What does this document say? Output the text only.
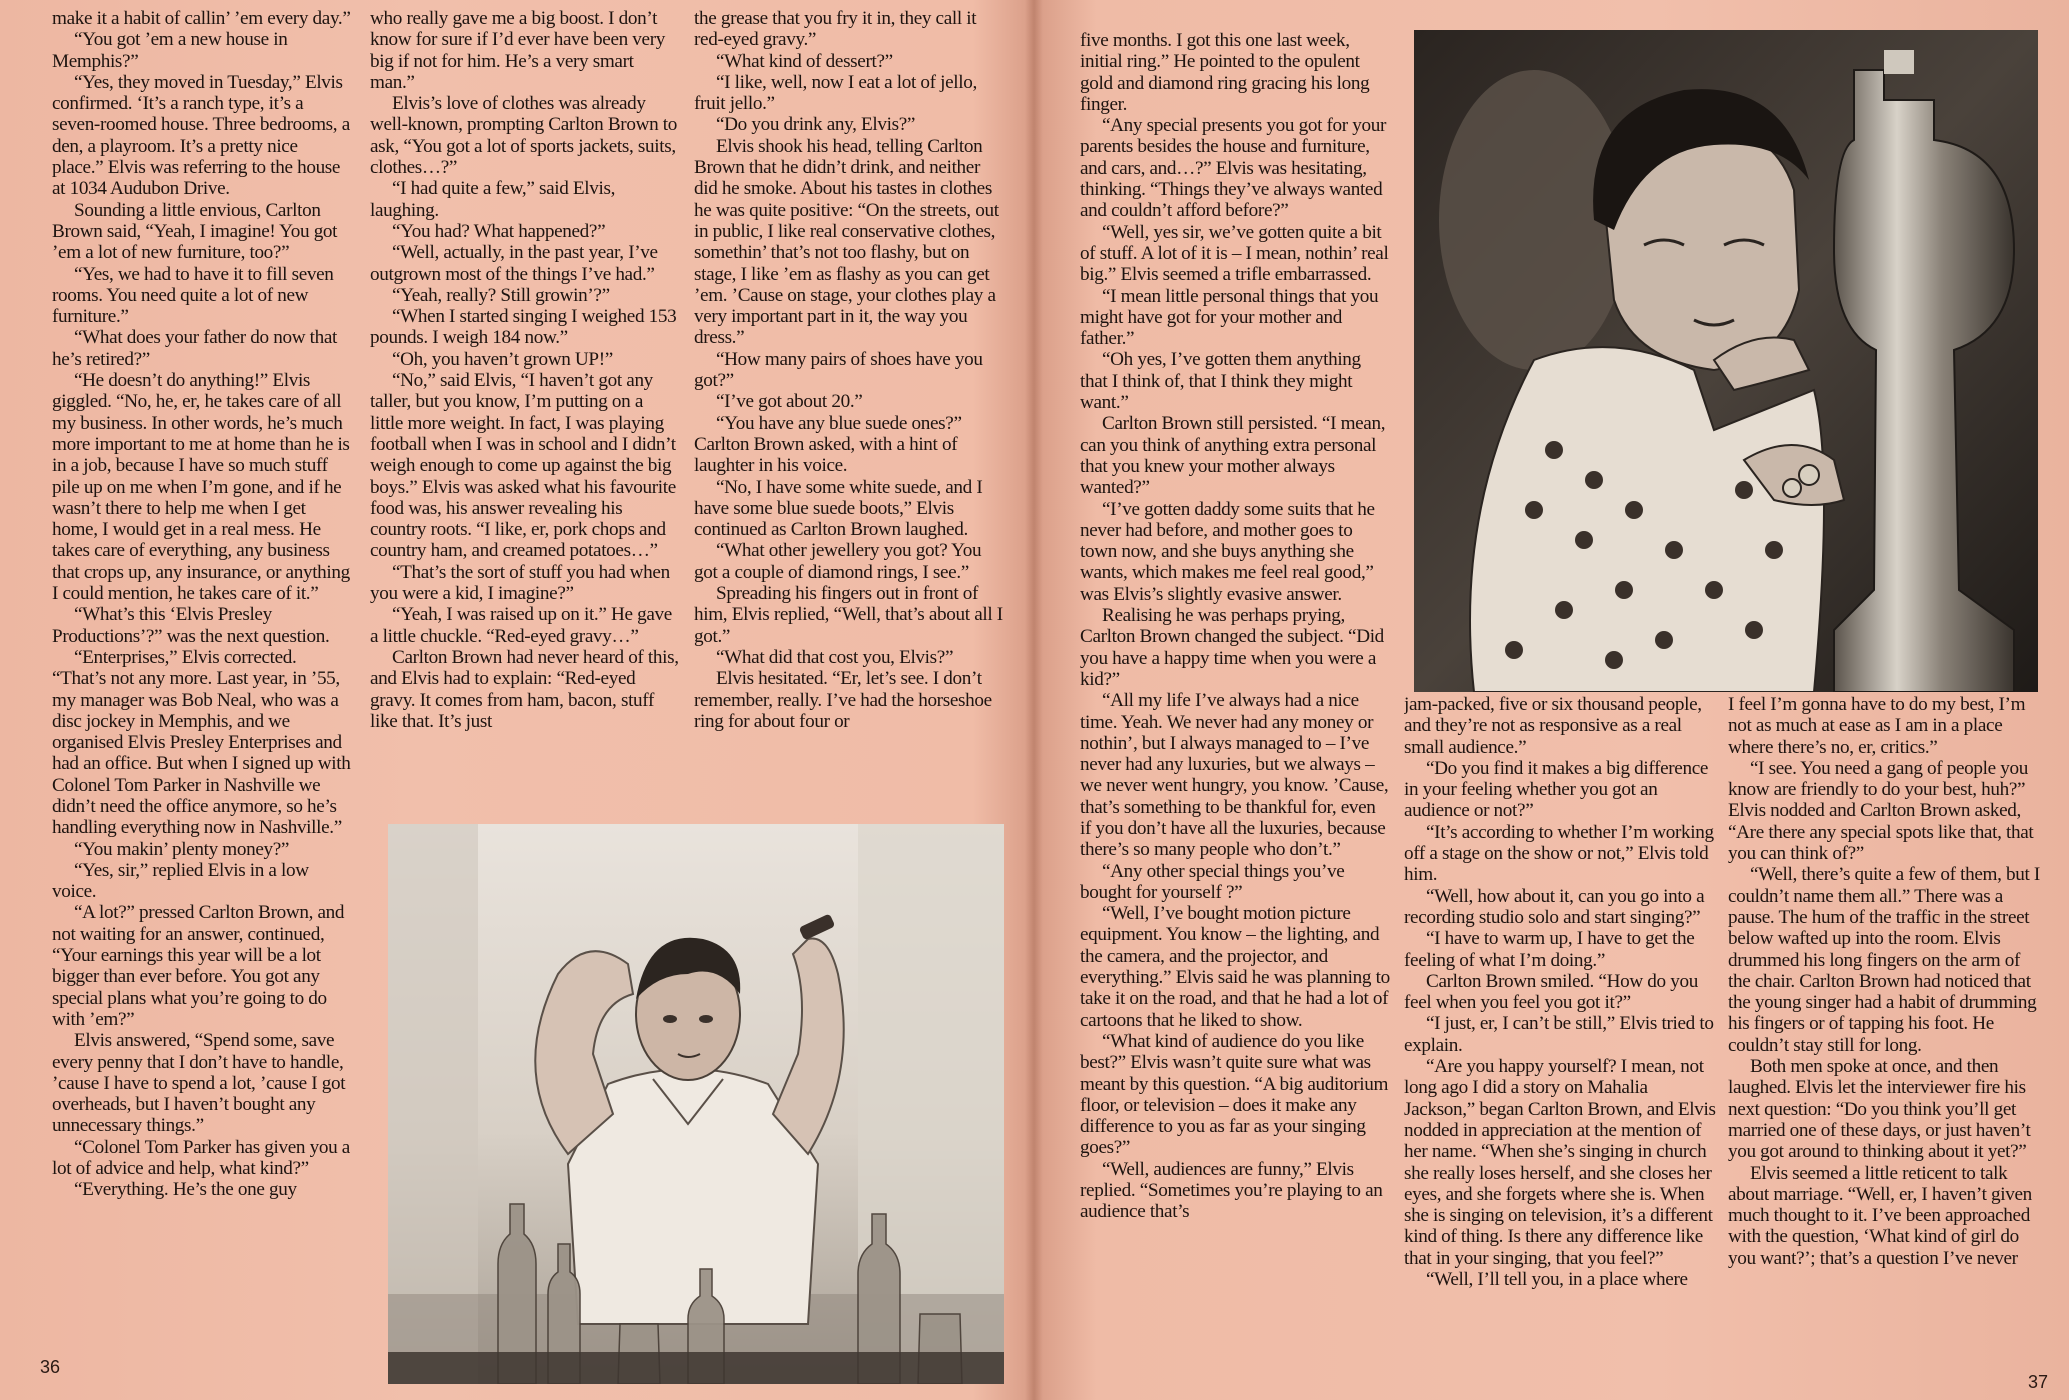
make it a habit of callin’ ’em every day.”

“You got ’em a new house in Memphis?”

“Yes, they moved in Tuesday,” Elvis confirmed. ‘It’s a ranch type, it’s a seven-roomed house. Three bedrooms, a den, a playroom. It’s a pretty nice place.” Elvis was referring to the house at 1034 Audubon Drive.

Sounding a little envious, Carlton Brown said, “Yeah, I imagine! You got ’em a lot of new furniture, too?”

“Yes, we had to have it to fill seven rooms. You need quite a lot of new furniture.”

“What does your father do now that he’s retired?”

“He doesn’t do anything!” Elvis giggled. “No, he, er, he takes care of all my business. In other words, he’s much more important to me at home than he is in a job, because I have so much stuff pile up on me when I’m gone, and if he wasn’t there to help me when I get home, I would get in a real mess. He takes care of everything, any business that crops up, any insurance, or anything I could mention, he takes care of it.”

“What’s this ‘Elvis Presley Productions’?” was the next question.

“Enterprises,” Elvis corrected. “That’s not any more. Last year, in ’55, my manager was Bob Neal, who was a disc jockey in Memphis, and we organised Elvis Presley Enterprises and had an office. But when I signed up with Colonel Tom Parker in Nashville we didn’t need the office anymore, so he’s handling everything now in Nashville.”

“You makin’ plenty money?”

“Yes, sir,” replied Elvis in a low voice.

“A lot?” pressed Carlton Brown, and not waiting for an answer, continued, “Your earnings this year will be a lot bigger than ever before. You got any special plans what you’re going to do with ’em?”

Elvis answered, “Spend some, save every penny that I don’t have to handle, ’cause I have to spend a lot, ’cause I got overheads, but I haven’t bought any unnecessary things.”

“Colonel Tom Parker has given you a lot of advice and help, what kind?”

“Everything. He’s the one guy

who really gave me a big boost. I don’t know for sure if I’d ever have been very big if not for him. He’s a very smart man.”

Elvis’s love of clothes was already well-known, prompting Carlton Brown to ask, “You got a lot of sports jackets, suits, clothes…?”

“I had quite a few,” said Elvis, laughing.

“You had? What happened?”

“Well, actually, in the past year, I’ve outgrown most of the things I’ve had.”

“Yeah, really? Still growin’?”

“When I started singing I weighed 153 pounds. I weigh 184 now.”

“Oh, you haven’t grown UP!”

“No,” said Elvis, “I haven’t got any taller, but you know, I’m putting on a little more weight. In fact, I was playing football when I was in school and I didn’t weigh enough to come up against the big boys.” Elvis was asked what his favourite food was, his answer revealing his country roots. “I like, er, pork chops and country ham, and creamed potatoes…”

“That’s the sort of stuff you had when you were a kid, I imagine?”

“Yeah, I was raised up on it.” He gave a little chuckle. “Red-eyed gravy…”

Carlton Brown had never heard of this, and Elvis had to explain: “Red-eyed gravy. It comes from ham, bacon, stuff like that. It’s just

the grease that you fry it in, they call it red-eyed gravy.”

“What kind of dessert?”

“I like, well, now I eat a lot of jello, fruit jello.”

“Do you drink any, Elvis?”

Elvis shook his head, telling Carlton Brown that he didn’t drink, and neither did he smoke. About his tastes in clothes he was quite positive: “On the streets, out in public, I like real conservative clothes, somethin’ that’s not too flashy, but on stage, I like ’em as flashy as you can get ’em. ’Cause on stage, your clothes play a very important part in it, the way you dress.”

“How many pairs of shoes have you got?”

“I’ve got about 20.”

“You have any blue suede ones?” Carlton Brown asked, with a hint of laughter in his voice.

“No, I have some white suede, and I have some blue suede boots,” Elvis continued as Carlton Brown laughed.

“What other jewellery you got? You got a couple of diamond rings, I see.”

Spreading his fingers out in front of him, Elvis replied, “Well, that’s about all I got.”

“What did that cost you, Elvis?”

Elvis hesitated. “Er, let’s see. I don’t remember, really. I’ve had the horseshoe ring for about four or

36

five months. I got this one last week, initial ring.” He pointed to the opulent gold and diamond ring gracing his long finger.

“Any special presents you got for your parents besides the house and furniture, and cars, and…?” Elvis was hesitating, thinking. “Things they’ve always wanted and couldn’t afford before?”

“Well, yes sir, we’ve gotten quite a bit of stuff. A lot of it is – I mean, nothin’ real big.” Elvis seemed a trifle embarrassed.

“I mean little personal things that you might have got for your mother and father.”

“Oh yes, I’ve gotten them anything that I think of, that I think they might want.”

Carlton Brown still persisted. “I mean, can you think of anything extra personal that you knew your mother always wanted?”

“I’ve gotten daddy some suits that he never had before, and mother goes to town now, and she buys anything she wants, which makes me feel real good,” was Elvis’s slightly evasive answer.

Realising he was perhaps prying, Carlton Brown changed the subject. “Did you have a happy time when you were a kid?”

“All my life I’ve always had a nice time. Yeah. We never had any money or nothin’, but I always managed to – I’ve never had any luxuries, but we always – we never went hungry, you know. ’Cause, that’s something to be thankful for, even if you don’t have all the luxuries, because there’s so many people who don’t.”

“Any other special things you’ve bought for yourself ?”

“Well, I’ve bought motion picture equipment. You know – the lighting, and the camera, and the projector, and everything.” Elvis said he was planning to take it on the road, and that he had a lot of cartoons that he liked to show.

“What kind of audience do you like best?” Elvis wasn’t quite sure what was meant by this question. “A big auditorium floor, or television – does it make any difference to you as far as your singing goes?”

“Well, audiences are funny,” Elvis replied. “Sometimes you’re playing to an audience that’s

jam-packed, five or six thousand people, and they’re not as responsive as a real small audience.”

“Do you find it makes a big difference in your feeling whether you got an audience or not?”

“It’s according to whether I’m working off a stage on the show or not,” Elvis told him.

“Well, how about it, can you go into a recording studio solo and start singing?”

“I have to warm up, I have to get the feeling of what I’m doing.”

Carlton Brown smiled. “How do you feel when you feel you got it?”

“I just, er, I can’t be still,” Elvis tried to explain.

“Are you happy yourself? I mean, not long ago I did a story on Mahalia Jackson,” began Carlton Brown, and Elvis nodded in appreciation at the mention of her name. “When she’s singing in church she really loses herself, and she closes her eyes, and she forgets where she is. When she is singing on television, it’s a different kind of thing. Is there any difference like that in your singing, that you feel?”

“Well, I’ll tell you, in a place where

I feel I’m gonna have to do my best, I’m not as much at ease as I am in a place where there’s no, er, critics.”

“I see. You need a gang of people you know are friendly to do your best, huh?” Elvis nodded and Carlton Brown asked, “Are there any special spots like that, that you can think of?”

“Well, there’s quite a few of them, but I couldn’t name them all.” There was a pause. The hum of the traffic in the street below wafted up into the room. Elvis drummed his long fingers on the arm of the chair. Carlton Brown had noticed that the young singer had a habit of drumming his fingers or of tapping his foot. He couldn’t stay still for long.

Both men spoke at once, and then laughed. Elvis let the interviewer fire his next question: “Do you think you’ll get married one of these days, or just haven’t you got around to thinking about it yet?”

Elvis seemed a little reticent to talk about marriage. “Well, er, I haven’t given much thought to it. I’ve been approached with the question, ‘What kind of girl do you want?’; that’s a question I’ve never

37
